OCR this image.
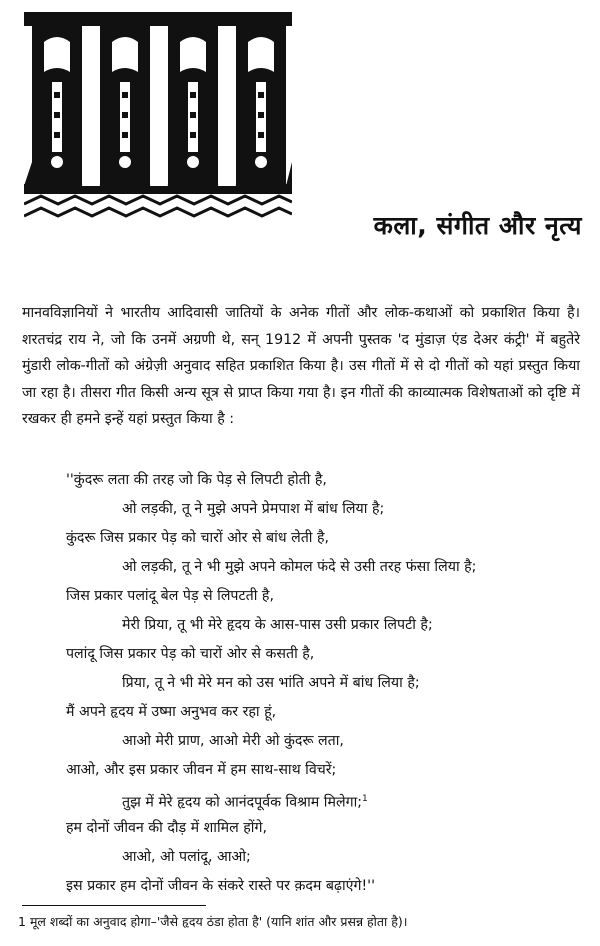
कला, संगीत और नृत्य

मानवविज्ञानियों ने भारतीय आदिवासी जातियों के अनेक गीतों और लोक-कथाओं को प्रकाशित किया है। शरतचंद्र राय ने, जो कि उनमें अग्रणी थे, सन् 1912 में अपनी पुस्तक 'द मुंडाज़ एंड देअर कंट्री' में बहुतेरे मुंडारी लोक-गीतों को अंग्रेज़ी अनुवाद सहित प्रकाशित किया है। उस गीतों में से दो गीतों को यहां प्रस्तुत किया जा रहा है। तीसरा गीत किसी अन्य सूत्र से प्राप्त किया गया है। इन गीतों की काव्यात्मक विशेषताओं को दृष्टि में रखकर ही हमने इन्हें यहां प्रस्तुत किया है :

''कुंदरू लता की तरह जो कि पेड़ से लिपटी होती है,
ओ लड़की, तू ने मुझे अपने प्रेमपाश में बांध लिया है;
कुंदरू जिस प्रकार पेड़ को चारों ओर से बांध लेती है,
ओ लड़की, तू ने भी मुझे अपने कोमल फंदे से उसी तरह फंसा लिया है;
जिस प्रकार पलांदू बेल पेड़ से लिपटती है,
मेरी प्रिया, तू भी मेरे हृदय के आस-पास उसी प्रकार लिपटी है;
पलांदू जिस प्रकार पेड़ को चारों ओर से कसती है,
प्रिया, तू ने भी मेरे मन को उस भांति अपने में बांध लिया है;
मैं अपने हृदय में उष्मा अनुभव कर रहा हूं,
आओ मेरी प्राण, आओ मेरी ओ कुंदरू लता,
आओ, और इस प्रकार जीवन में हम साथ-साथ विचरें;
तुझ में मेरे हृदय को आनंदपूर्वक विश्राम मिलेगा;$^1$
हम दोनों जीवन की दौड़ में शामिल होंगे,
आओ, ओ पलांदू, आओ;
इस प्रकार हम दोनों जीवन के संकरे रास्ते पर क़दम बढ़ाएंगे!''
1 मूल शब्दों का अनुवाद होगा–'जैसे हृदय ठंडा होता है' (यानि शांत और प्रसन्न होता है)।
